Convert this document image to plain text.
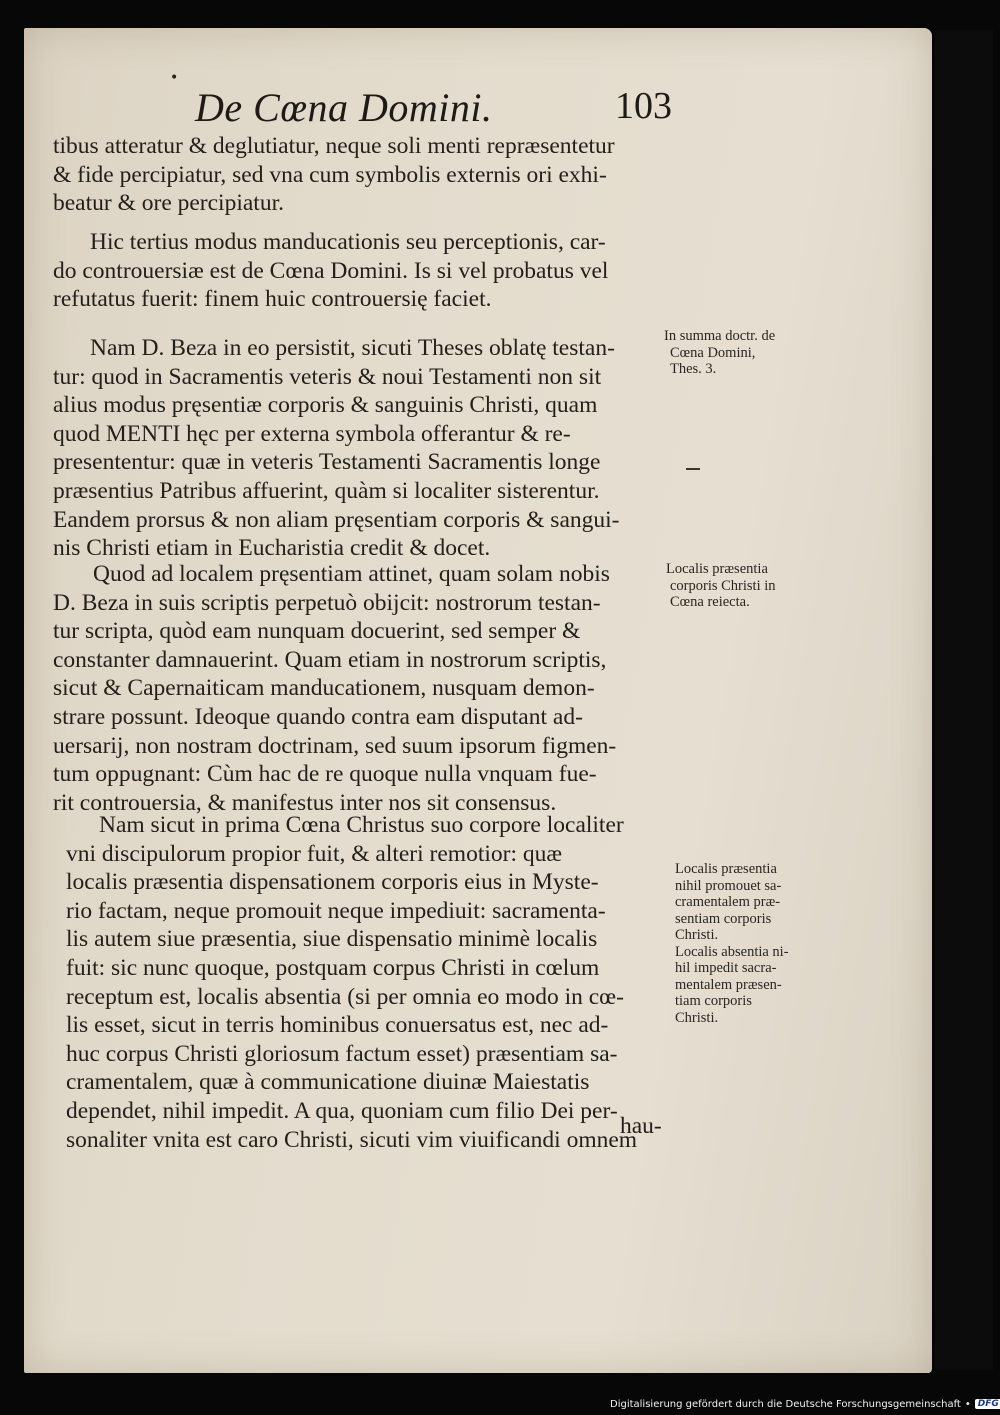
•
De Cœna Domini.	103
tibus atteratur & deglutiatur, neque soli menti repræsentetur
& fide percipiatur, sed vna cum symbolis externis ori exhi-
beatur & ore percipiatur.
Hic tertius modus manducationis seu perceptionis, car-
do controuersiæ est de Cœna Domini. Is si vel probatus vel
refutatus fuerit: finem huic controuersię faciet.
Nam D. Beza in eo persistit, sicuti Theses oblatę testan-
tur: quod in Sacramentis veteris & noui Testamenti non sit
alius modus pręsentiæ corporis & sanguinis Christi, quam
quod MENTI hęc per externa symbola offerantur & re-
presententur: quæ in veteris Testamenti Sacramentis longe
præsentius Patribus affuerint, quàm si localiter sisterentur.
Eandem prorsus & non aliam pręsentiam corporis & sangui-
nis Christi etiam in Eucharistia credit & docet.
Quod ad localem pręsentiam attinet, quam solam nobis
D. Beza in suis scriptis perpetuò obijcit: nostrorum testan-
tur scripta, quòd eam nunquam docuerint, sed semper &
constanter damnauerint. Quam etiam in nostrorum scriptis,
sicut & Capernaiticam manducationem, nusquam demon-
strare possunt. Ideoque quando contra eam disputant ad-
uersarij, non nostram doctrinam, sed suum ipsorum figmen-
tum oppugnant: Cùm hac de re quoque nulla vnquam fue-
rit controuersia, & manifestus inter nos sit consensus.
Nam sicut in prima Cœna Christus suo corpore localiter
vni discipulorum propior fuit, & alteri remotior: quæ
localis præsentia dispensationem corporis eius in Myste-
rio factam, neque promouit neque impediuit: sacramenta-
lis autem siue præsentia, siue dispensatio minimè localis
fuit: sic nunc quoque, postquam corpus Christi in cœlum
receptum est, localis absentia (si per omnia eo modo in cœ-
lis esset, sicut in terris hominibus conuersatus est, nec ad-
huc corpus Christi gloriosum factum esset) præsentiam sa-
cramentalem, quæ à communicatione diuinæ Maiestatis
dependet, nihil impedit. A qua, quoniam cum filio Dei per-
sonaliter vnita est caro Christi, sicuti vim viuificandi omnem
hau-
In summa doctr. de
Cœna Domini,
Thes. 3.
Localis præsentia
corporis Christi in
Cœna reiecta.
Localis præsentia
nihil promouet sa-
cramentalem præ-
sentiam corporis
Christi.
Localis absentia ni-
hil impedit sacra-
mentalem præsen-
tiam corporis
Christi.
Digitalisierung gefördert durch die Deutsche Forschungsgemeinschaft • DFG
